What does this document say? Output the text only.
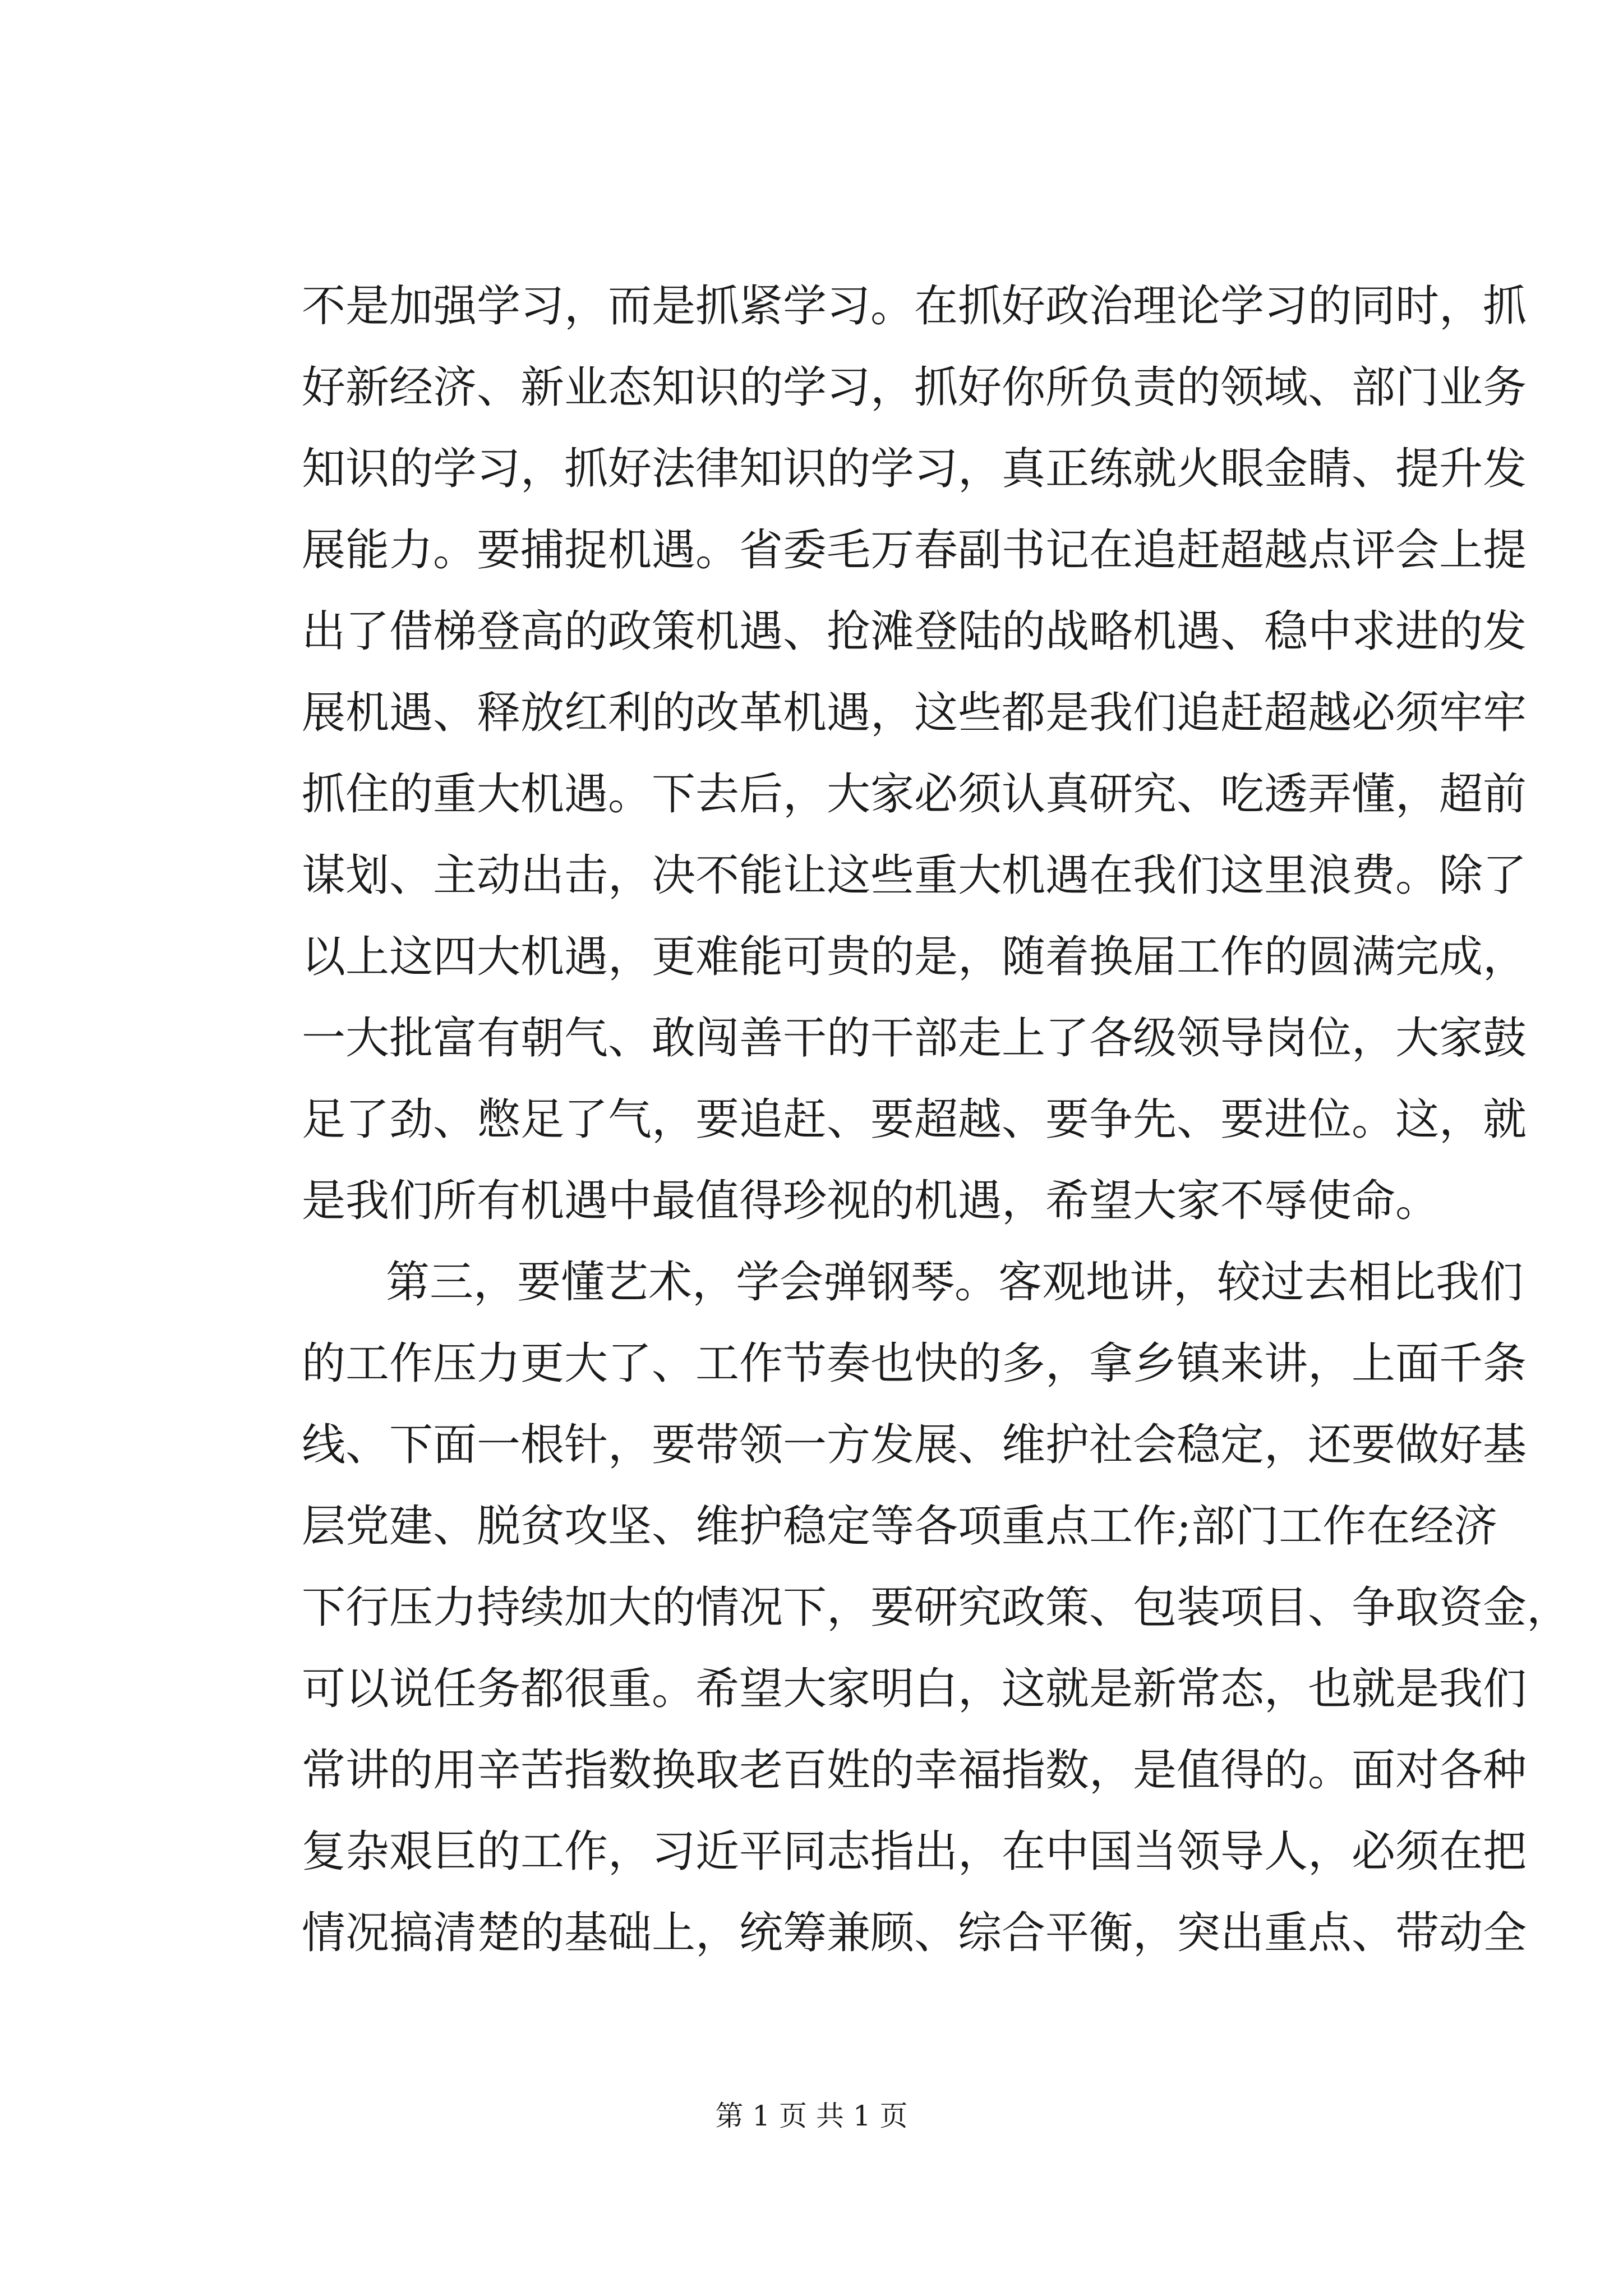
不是加强学习，而是抓紧学习。在抓好政治理论学习的同时，抓
好新经济、新业态知识的学习，抓好你所负责的领域、部门业务
知识的学习，抓好法律知识的学习，真正练就火眼金睛、提升发
展能力。要捕捉机遇。省委毛万春副书记在追赶超越点评会上提
出了借梯登高的政策机遇、抢滩登陆的战略机遇、稳中求进的发
展机遇、释放红利的改革机遇，这些都是我们追赶超越必须牢牢
抓住的重大机遇。下去后，大家必须认真研究、吃透弄懂，超前
谋划、主动出击，决不能让这些重大机遇在我们这里浪费。除了
以上这四大机遇，更难能可贵的是，随着换届工作的圆满完成，
一大批富有朝气、敢闯善干的干部走上了各级领导岗位，大家鼓
足了劲、憋足了气，要追赶、要超越、要争先、要进位。这，就
是我们所有机遇中最值得珍视的机遇，希望大家不辱使命。
第三，要懂艺术，学会弹钢琴。客观地讲，较过去相比我们
的工作压力更大了、工作节奏也快的多，拿乡镇来讲，上面千条
线、下面一根针，要带领一方发展、维护社会稳定，还要做好基
层党建、脱贫攻坚、维护稳定等各项重点工作;部门工作在经济
下行压力持续加大的情况下，要研究政策、包装项目、争取资金，
可以说任务都很重。希望大家明白，这就是新常态，也就是我们
常讲的用辛苦指数换取老百姓的幸福指数，是值得的。面对各种
复杂艰巨的工作，习近平同志指出，在中国当领导人，必须在把
情况搞清楚的基础上，统筹兼顾、综合平衡，突出重点、带动全
第 1 页 共 1 页
